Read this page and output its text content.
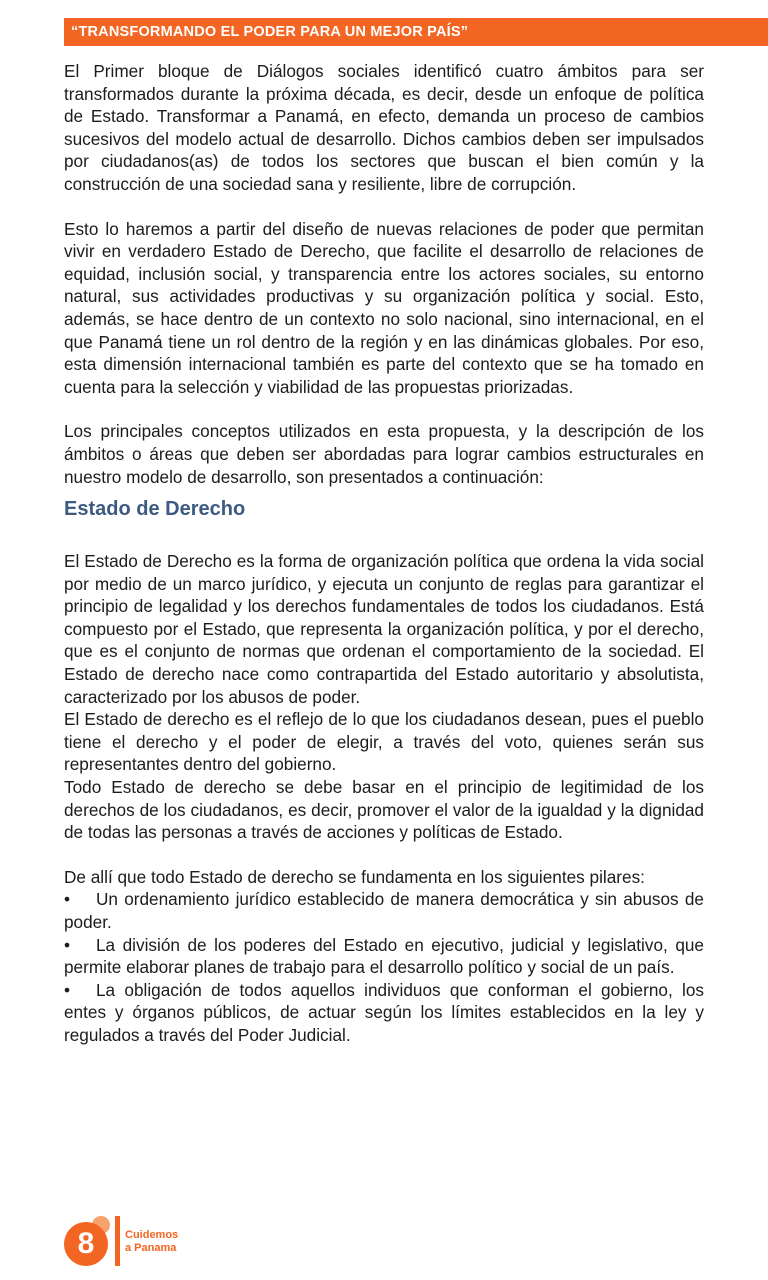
“TRANSFORMANDO EL PODER PARA UN MEJOR PAÍS”

El Primer bloque de Diálogos sociales identificó cuatro ámbitos para ser transformados durante la próxima década, es decir, desde un enfoque de política de Estado. Transformar a Panamá, en efecto, demanda un proceso de cambios sucesivos del modelo actual de desarrollo. Dichos cambios deben ser impulsados por ciudadanos(as) de todos los sectores que buscan el bien común y la construcción de una sociedad sana y resiliente, libre de corrupción.

Esto lo haremos a partir del diseño de nuevas relaciones de poder que permitan vivir en verdadero Estado de Derecho, que facilite el desarrollo de relaciones de equidad, inclusión social, y transparencia entre los actores sociales, su entorno natural, sus actividades productivas y su organización política y social. Esto, además, se hace dentro de un contexto no solo nacional, sino internacional, en el que Panamá tiene un rol dentro de la región y en las dinámicas globales. Por eso, esta dimensión internacional también es parte del contexto que se ha tomado en cuenta para la selección y viabilidad de las propuestas priorizadas.

Los principales conceptos utilizados en esta propuesta, y la descripción de los ámbitos o áreas que deben ser abordadas para lograr cambios estructurales en nuestro modelo de desarrollo, son presentados a continuación:

Estado de Derecho

El Estado de Derecho es la forma de organización política que ordena la vida social por medio de un marco jurídico, y ejecuta un conjunto de reglas para garantizar el principio de legalidad y los derechos fundamentales de todos los ciudadanos. Está compuesto por el Estado, que representa la organización política, y por el derecho, que es el conjunto de normas que ordenan el comportamiento de la sociedad. El Estado de derecho nace como contrapartida del Estado autoritario y absolutista, caracterizado por los abusos de poder.

El Estado de derecho es el reflejo de lo que los ciudadanos desean, pues el pueblo tiene el derecho y el poder de elegir, a través del voto, quienes serán sus representantes dentro del gobierno.

Todo Estado de derecho se debe basar en el principio de legitimidad de los derechos de los ciudadanos, es decir, promover el valor de la igualdad y la dignidad de todas las personas a través de acciones y políticas de Estado.

De allí que todo Estado de derecho se fundamenta en los siguientes pilares:

• Un ordenamiento jurídico establecido de manera democrática y sin abusos de poder.

• La división de los poderes del Estado en ejecutivo, judicial y legislativo, que permite elaborar planes de trabajo para el desarrollo político y social de un país.

• La obligación de todos aquellos individuos que conforman el gobierno, los entes y órganos públicos, de actuar según los límites establecidos en la ley y regulados a través del Poder Judicial.

8	Cuidemos
a Panama
